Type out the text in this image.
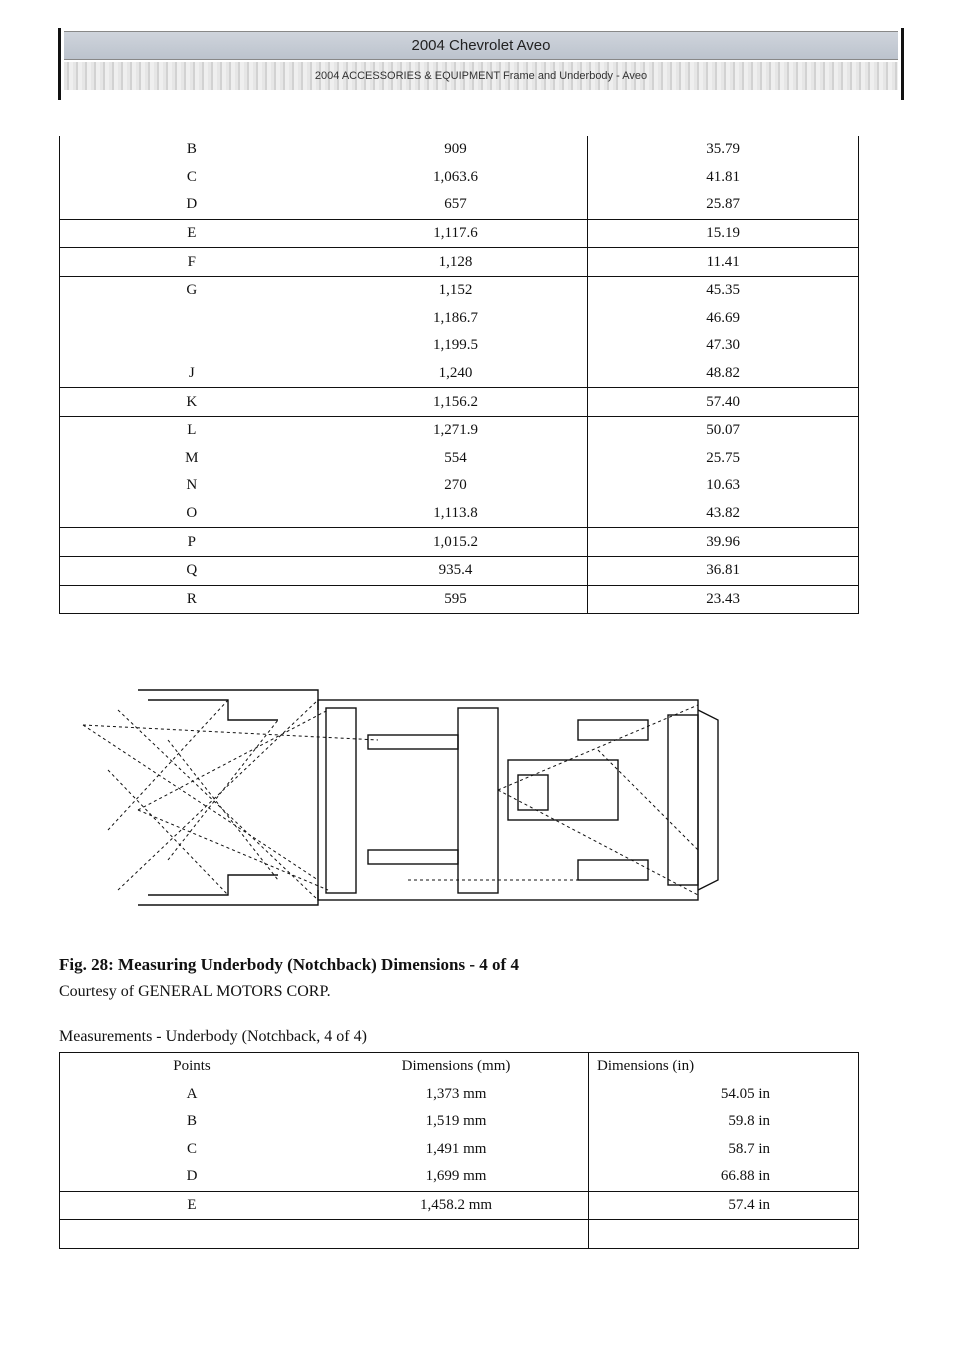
2004 Chevrolet Aveo
2004 ACCESSORIES & EQUIPMENT Frame and Underbody - Aveo
B	909	35.79
C	1,063.6	41.81
D	657	25.87
E	1,117.6	15.19
F	1,128	11.41
G	1,152	45.35
	1,186.7	46.69
	1,199.5	47.30
J	1,240	48.82
K	1,156.2	57.40
L	1,271.9	50.07
M	554	25.75
N	270	10.63
O	1,113.8	43.82
P	1,015.2	39.96
Q	935.4	36.81
R	595	23.43
Fig. 28: Measuring Underbody (Notchback) Dimensions - 4 of 4
Courtesy of GENERAL MOTORS CORP.
Measurements - Underbody (Notchback, 4 of 4)
Points	Dimensions (mm)	Dimensions (in)
A	1,373 mm	54.05 in
B	1,519 mm	59.8 in
C	1,491 mm	58.7 in
D	1,699 mm	66.88 in
E	1,458.2 mm	57.4 in
